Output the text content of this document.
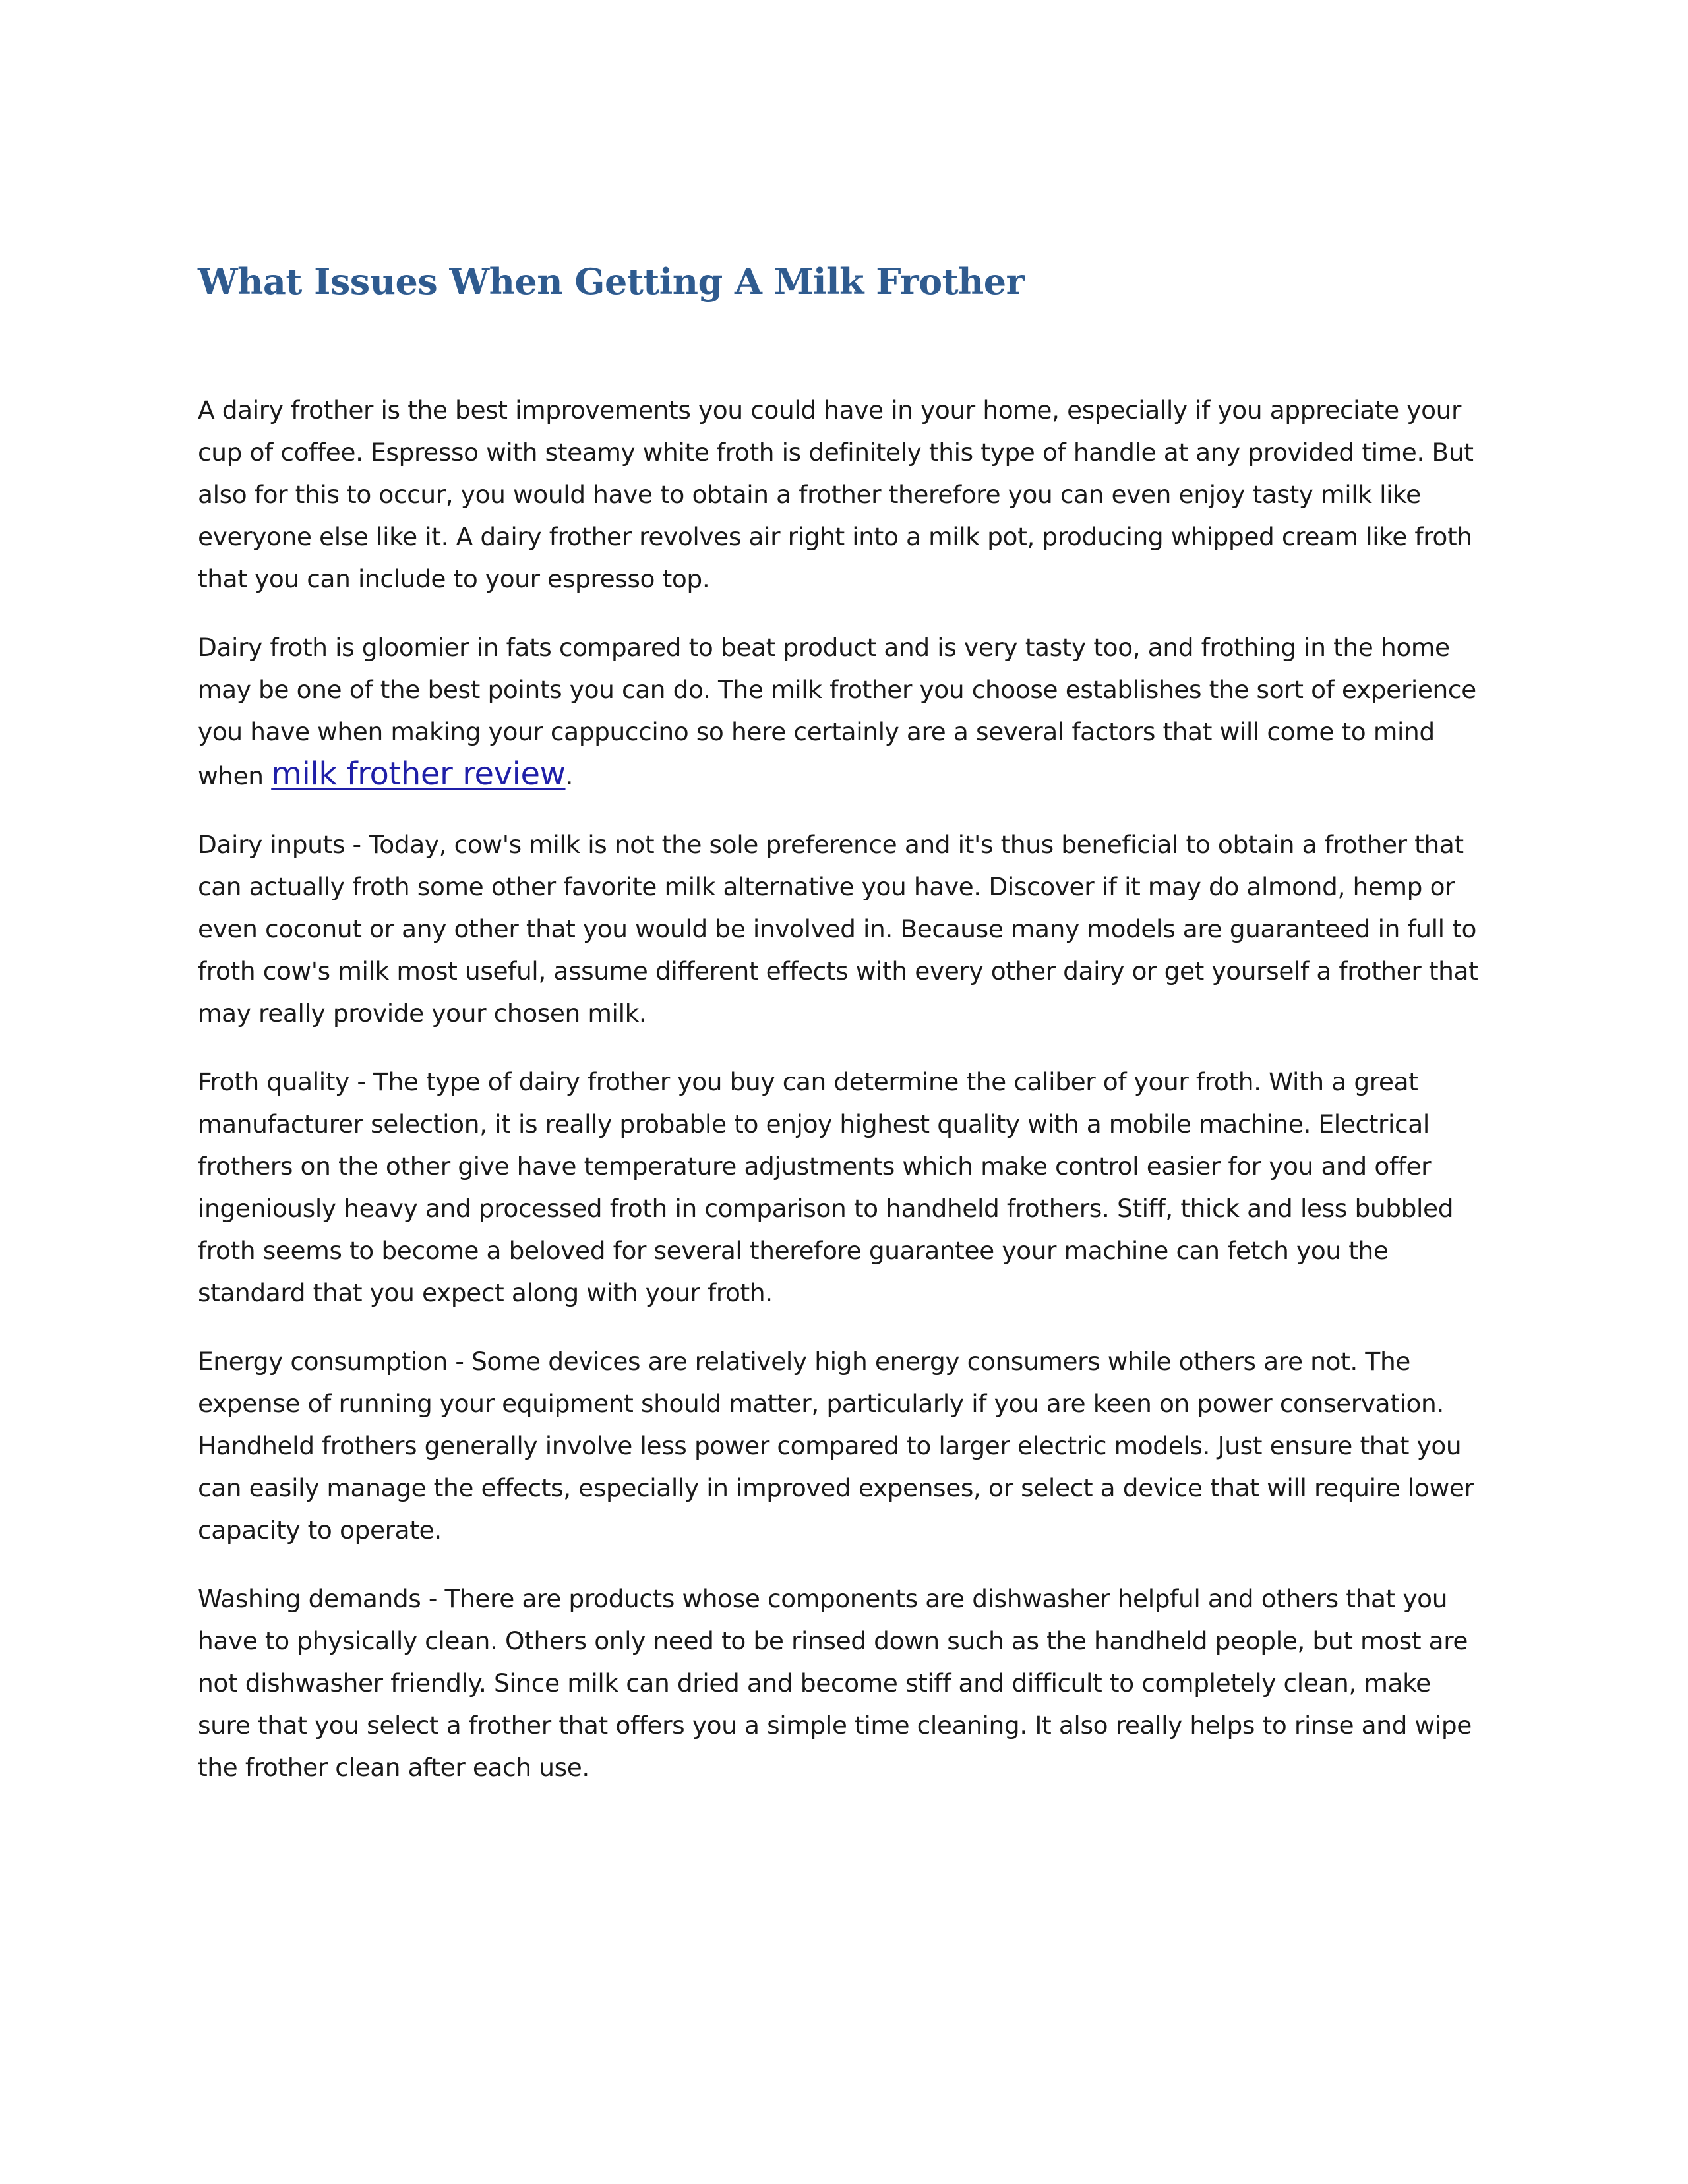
What Issues When Getting A Milk Frother

A dairy frother is the best improvements you could have in your home, especially if you appreciate your cup of coffee. Espresso with steamy white froth is definitely this type of handle at any provided time. But also for this to occur, you would have to obtain a frother therefore you can even enjoy tasty milk like everyone else like it. A dairy frother revolves air right into a milk pot, producing whipped cream like froth that you can include to your espresso top.

Dairy froth is gloomier in fats compared to beat product and is very tasty too, and frothing in the home may be one of the best points you can do. The milk frother you choose establishes the sort of experience you have when making your cappuccino so here certainly are a several factors that will come to mind when milk frother review.

Dairy inputs - Today, cow's milk is not the sole preference and it's thus beneficial to obtain a frother that can actually froth some other favorite milk alternative you have. Discover if it may do almond, hemp or even coconut or any other that you would be involved in. Because many models are guaranteed in full to froth cow's milk most useful, assume different effects with every other dairy or get yourself a frother that may really provide your chosen milk.

Froth quality - The type of dairy frother you buy can determine the caliber of your froth. With a great manufacturer selection, it is really probable to enjoy highest quality with a mobile machine. Electrical frothers on the other give have temperature adjustments which make control easier for you and offer ingeniously heavy and processed froth in comparison to handheld frothers. Stiff, thick and less bubbled froth seems to become a beloved for several therefore guarantee your machine can fetch you the standard that you expect along with your froth.

Energy consumption - Some devices are relatively high energy consumers while others are not. The expense of running your equipment should matter, particularly if you are keen on power conservation. Handheld frothers generally involve less power compared to larger electric models. Just ensure that you can easily manage the effects, especially in improved expenses, or select a device that will require lower capacity to operate.

Washing demands - There are products whose components are dishwasher helpful and others that you have to physically clean. Others only need to be rinsed down such as the handheld people, but most are not dishwasher friendly. Since milk can dried and become stiff and difficult to completely clean, make sure that you select a frother that offers you a simple time cleaning. It also really helps to rinse and wipe the frother clean after each use.
